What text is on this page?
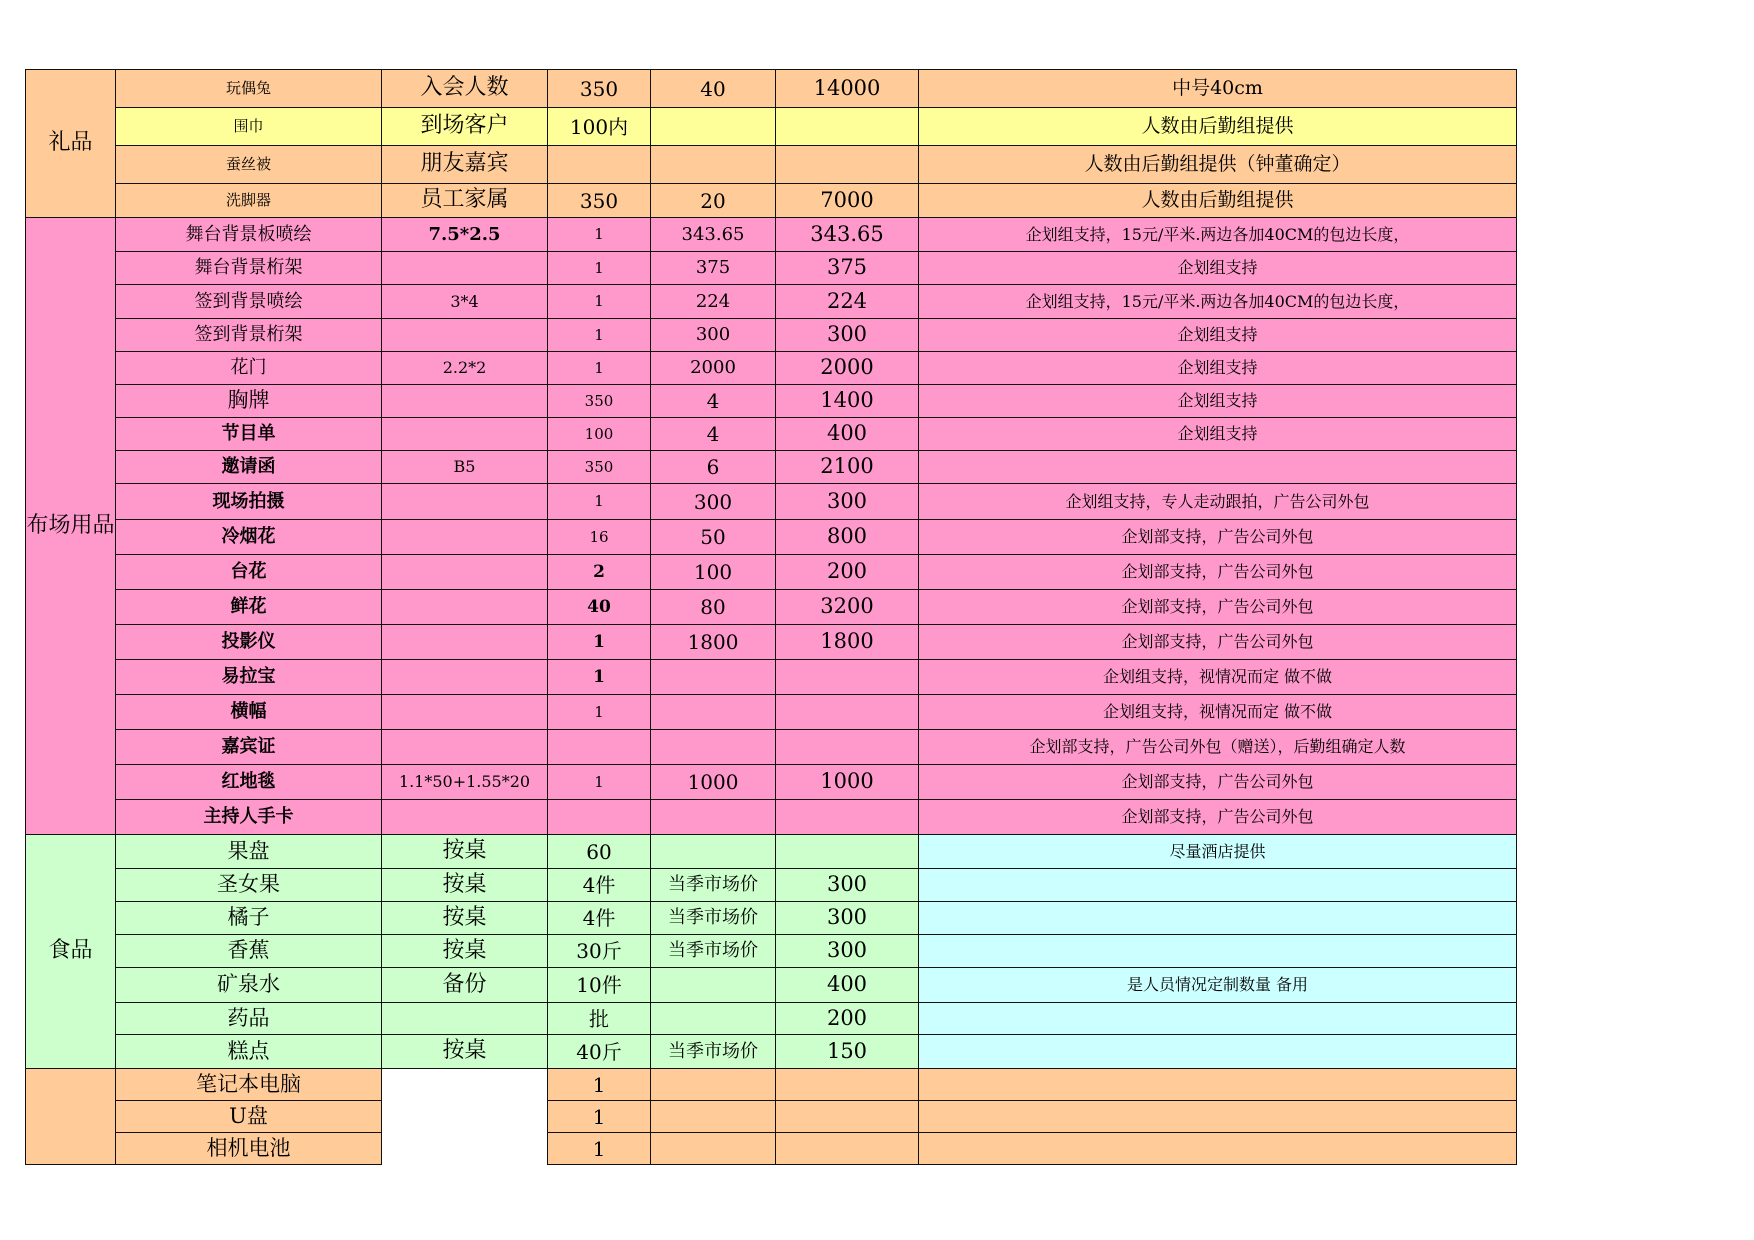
礼品	玩偶兔	入会人数	350	40	14000	中号40cm
	围巾	到场客户	100内			人数由后勤组提供
	蚕丝被	朋友嘉宾				人数由后勤组提供（钟董确定）
	洗脚器	员工家属	350	20	7000	人数由后勤组提供
布场用品	舞台背景板喷绘	7.5*2.5	1	343.65	343.65	企划组支持，15元/平米.两边各加40CM的包边长度，
	舞台背景桁架		1	375	375	企划组支持
	签到背景喷绘	3*4	1	224	224	企划组支持，15元/平米.两边各加40CM的包边长度，
	签到背景桁架		1	300	300	企划组支持
	花门	2.2*2	1	2000	2000	企划组支持
	胸牌		350	4	1400	企划组支持
	节目单		100	4	400	企划组支持
	邀请函	B5	350	6	2100	
	现场拍摄		1	300	300	企划组支持，专人走动跟拍，广告公司外包
	冷烟花		16	50	800	企划部支持，广告公司外包
	台花		2	100	200	企划部支持，广告公司外包
	鲜花		40	80	3200	企划部支持，广告公司外包
	投影仪		1	1800	1800	企划部支持，广告公司外包
	易拉宝		1			企划组支持，视情况而定 做不做
	横幅		1			企划组支持，视情况而定 做不做
	嘉宾证					企划部支持，广告公司外包（赠送），后勤组确定人数
	红地毯	1.1*50+1.55*20	1	1000	1000	企划部支持，广告公司外包
	主持人手卡					企划部支持，广告公司外包
食品	果盘	按桌	60			尽量酒店提供
	圣女果	按桌	4件	当季市场价	300	
	橘子	按桌	4件	当季市场价	300	
	香蕉	按桌	30斤	当季市场价	300	
	矿泉水	备份	10件		400	是人员情况定制数量 备用
	药品		批		200	
	糕点	按桌	40斤	当季市场价	150	
	笔记本电脑		1			
	U盘		1			
	相机电池		1			
